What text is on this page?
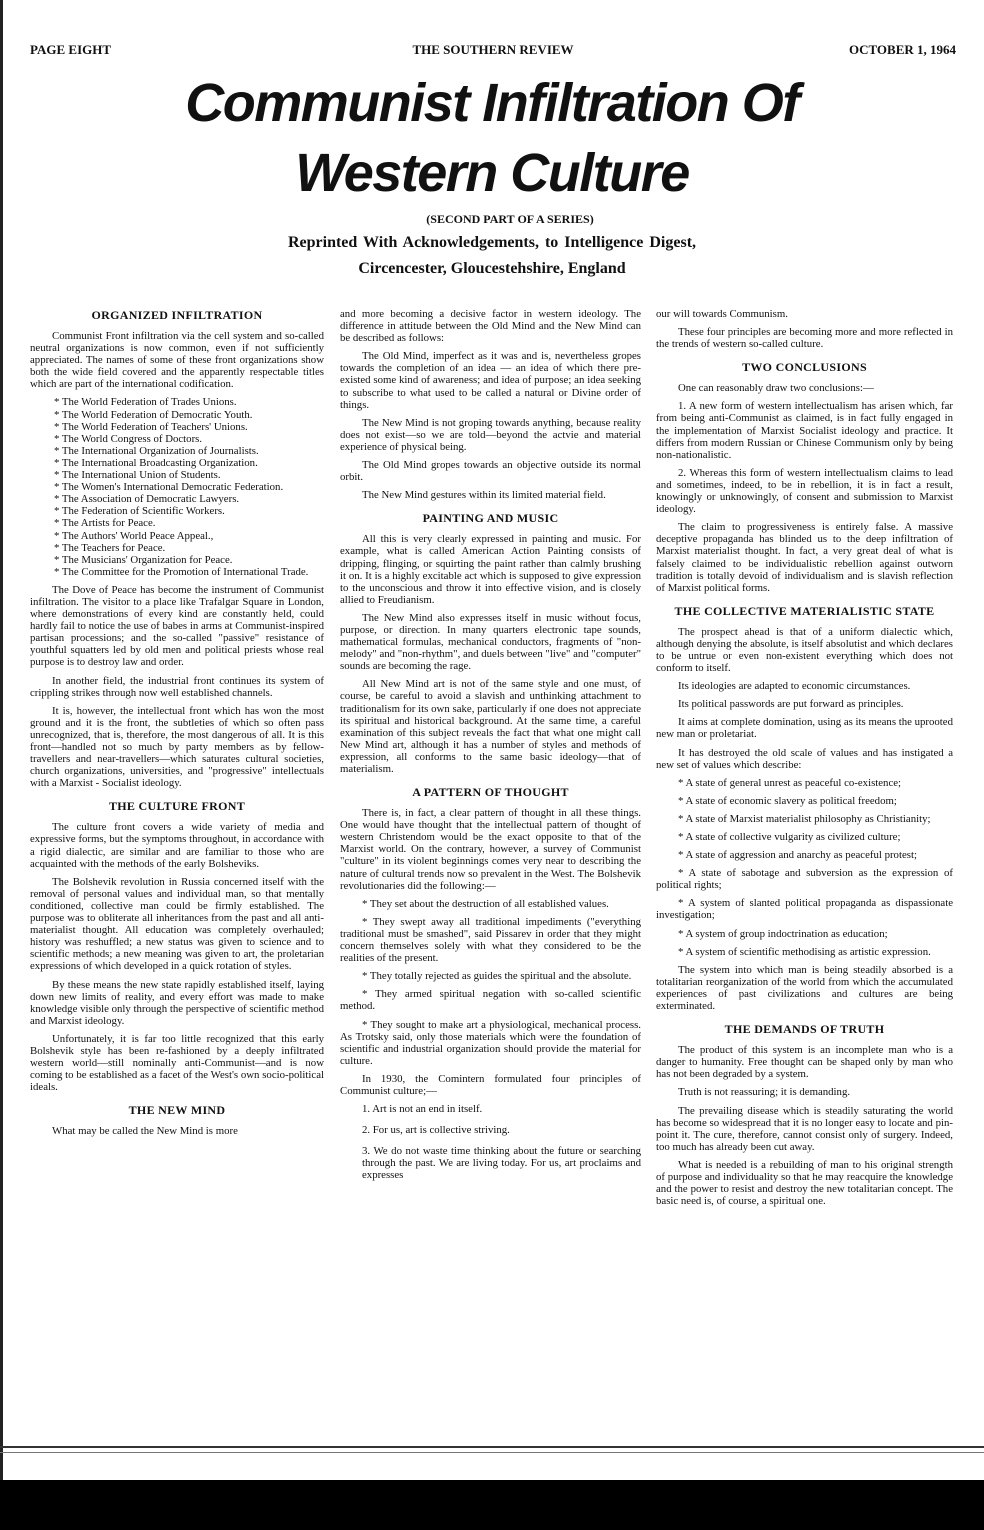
PAGE EIGHT	THE SOUTHERN REVIEW	OCTOBER 1, 1964
Communist Infiltration Of
Western Culture

(SECOND PART OF A SERIES)

Reprinted With Acknowledgements, to Intelligence Digest,

Circencester, Gloucestehshire, England

ORGANIZED INFILTRATION

Communist Front infiltration via the cell system and so-called neutral organizations is now common, even if not sufficiently appreciated. The names of some of these front organizations show both the wide field covered and the apparently respectable titles which are part of the international codification.

* The World Federation of Trades Unions.
* The World Federation of Democratic Youth.
* The World Federation of Teachers' Unions.
* The World Congress of Doctors.
* The International Organization of Journalists.
* The International Broadcasting Organization.
* The International Union of Students.
* The Women's International Democratic Federation.
* The Association of Democratic Lawyers.
* The Federation of Scientific Workers.
* The Artists for Peace.
* The Authors' World Peace Appeal.,
* The Teachers for Peace.
* The Musicians' Organization for Peace.
* The Committee for the Promotion of International Trade.

The Dove of Peace has become the instrument of Communist infiltration. The visitor to a place like Trafalgar Square in London, where demonstrations of every kind are constantly held, could hardly fail to notice the use of babes in arms at Communist-inspired partisan processions; and the so-called "passive" resistance of youthful squatters led by old men and political priests whose real purpose is to destroy law and order.

In another field, the industrial front continues its system of crippling strikes through now well established channels.

It is, however, the intellectual front which has won the most ground and it is the front, the subtleties of which so often pass unrecognized, that is, therefore, the most dangerous of all. It is this front—handled not so much by party members as by fellow-travellers and near-travellers—which saturates cultural societies, church organizations, universities, and "progressive" intellectuals with a Marxist - Socialist ideology.

THE CULTURE FRONT

The culture front covers a wide variety of media and expressive forms, but the symptoms throughout, in accordance with a rigid dialectic, are similar and are familiar to those who are acquainted with the methods of the early Bolsheviks.

The Bolshevik revolution in Russia concerned itself with the removal of personal values and individual man, so that mentally conditioned, collective man could be firmly established. The purpose was to obliterate all inheritances from the past and all anti-materialist thought. All education was completely overhauled; history was reshuffled; a new status was given to science and to scientific methods; a new meaning was given to art, the proletarian expressions of which developed in a quick rotation of styles.

By these means the new state rapidly established itself, laying down new limits of reality, and every effort was made to make knowledge visible only through the perspective of scientific method and Marxist ideology.

Unfortunately, it is far too little recognized that this early Bolshevik style has been re-fashioned by a deeply infiltrated western world—still nominally anti-Communist—and is now coming to be established as a facet of the West's own socio-political ideals.

THE NEW MIND

What may be called the New Mind is more

and more becoming a decisive factor in western ideology. The difference in attitude between the Old Mind and the New Mind can be described as follows:

The Old Mind, imperfect as it was and is, nevertheless gropes towards the completion of an idea — an idea of which there pre-existed some kind of awareness; and idea of purpose; an idea seeking to subscribe to what used to be called a natural or Divine order of things.

The New Mind is not groping towards anything, because reality does not exist—so we are told—beyond the actvie and material experience of physical being.

The Old Mind gropes towards an objective outside its normal orbit.

The New Mind gestures within its limited material field.

PAINTING AND MUSIC

All this is very clearly expressed in painting and music. For example, what is called American Action Painting consists of dripping, flinging, or squirting the paint rather than calmly brushing it on. It is a highly excitable act which is supposed to give expression to the unconscious and throw it into effective vision, and is closely allied to Freudianism.

The New Mind also expresses itself in music without focus, purpose, or direction. In many quarters electronic tape sounds, mathematical formulas, mechanical conductors, fragments of "non-melody" and "non-rhythm", and duels between "live" and "computer" sounds are becoming the rage.

All New Mind art is not of the same style and one must, of course, be careful to avoid a slavish and unthinking attachment to traditionalism for its own sake, particularly if one does not appreciate its spiritual and historical background. At the same time, a careful examination of this subject reveals the fact that what one might call New Mind art, although it has a number of styles and methods of expression, all conforms to the same basic ideology—that of materialism.

A PATTERN OF THOUGHT

There is, in fact, a clear pattern of thought in all these things. One would have thought that the intellectual pattern of thought of western Christendom would be the exact opposite to that of the Marxist world. On the contrary, however, a survey of Communist "culture" in its violent beginnings comes very near to describing the nature of cultural trends now so prevalent in the West. The Bolshevik revolutionaries did the following:—

* They set about the destruction of all established values.

* They swept away all traditional impediments ("everything traditional must be smashed", said Pissarev in order that they might concern themselves solely with what they considered to be the realities of the present.

* They totally rejected as guides the spiritual and the absolute.

* They armed spiritual negation with so-called scientific method.

* They sought to make art a physiological, mechanical process. As Trotsky said, only those materials which were the foundation of scientific and industrial organization should provide the material for culture.

In 1930, the Comintern formulated four principles of Communist culture;—

1. Art is not an end in itself.
2. For us, art is collective striving.
3. We do not waste time thinking about the future or searching through the past. We are living today. For us, art proclaims and expresses

our will towards Communism.

These four principles are becoming more and more reflected in the trends of western so-called culture.

TWO CONCLUSIONS

One can reasonably draw two conclusions:—

1. A new form of western intellectualism has arisen which, far from being anti-Communist as claimed, is in fact fully engaged in the implementation of Marxist Socialist ideology and practice. It differs from modern Russian or Chinese Communism only by being non-nationalistic.

2. Whereas this form of western intellectualism claims to lead and sometimes, indeed, to be in rebellion, it is in fact a result, knowingly or unknowingly, of consent and submission to Marxist ideology.

The claim to progressiveness is entirely false. A massive deceptive propaganda has blinded us to the deep infiltration of Marxist materialist thought. In fact, a very great deal of what is falsely claimed to be individualistic rebellion against outworn tradition is totally devoid of individualism and is slavish reflection of Marxist political forms.

THE COLLECTIVE MATERIALISTIC STATE

The prospect ahead is that of a uniform dialectic which, although denying the absolute, is itself absolutist and which declares to be untrue or even non-existent everything which does not conform to itself.

Its ideologies are adapted to economic circumstances.

Its political passwords are put forward as principles.

It aims at complete domination, using as its means the uprooted new man or proletariat.

It has destroyed the old scale of values and has instigated a new set of values which describe:

* A state of general unrest as peaceful co-existence;

* A state of economic slavery as political freedom;

* A state of Marxist materialist philosophy as Christianity;

* A state of collective vulgarity as civilized culture;

* A state of aggression and anarchy as peaceful protest;

* A state of sabotage and subversion as the expression of political rights;

* A system of slanted political propaganda as dispassionate investigation;

* A system of group indoctrination as education;

* A system of scientific methodising as artistic expression.

The system into which man is being steadily absorbed is a totalitarian reorganization of the world from which the accumulated experiences of past civilizations and cultures are being exterminated.

THE DEMANDS OF TRUTH

The product of this system is an incomplete man who is a danger to humanity. Free thought can be shaped only by man who has not been degraded by a system.

Truth is not reassuring; it is demanding.

The prevailing disease which is steadily saturating the world has become so widespread that it is no longer easy to locate and pin-point it. The cure, therefore, cannot consist only of surgery. Indeed, too much has already been cut away.

What is needed is a rebuilding of man to his original strength of purpose and individuality so that he may reacquire the knowledge and the power to resist and destroy the new totalitarian concept. The basic need is, of course, a spiritual one.
